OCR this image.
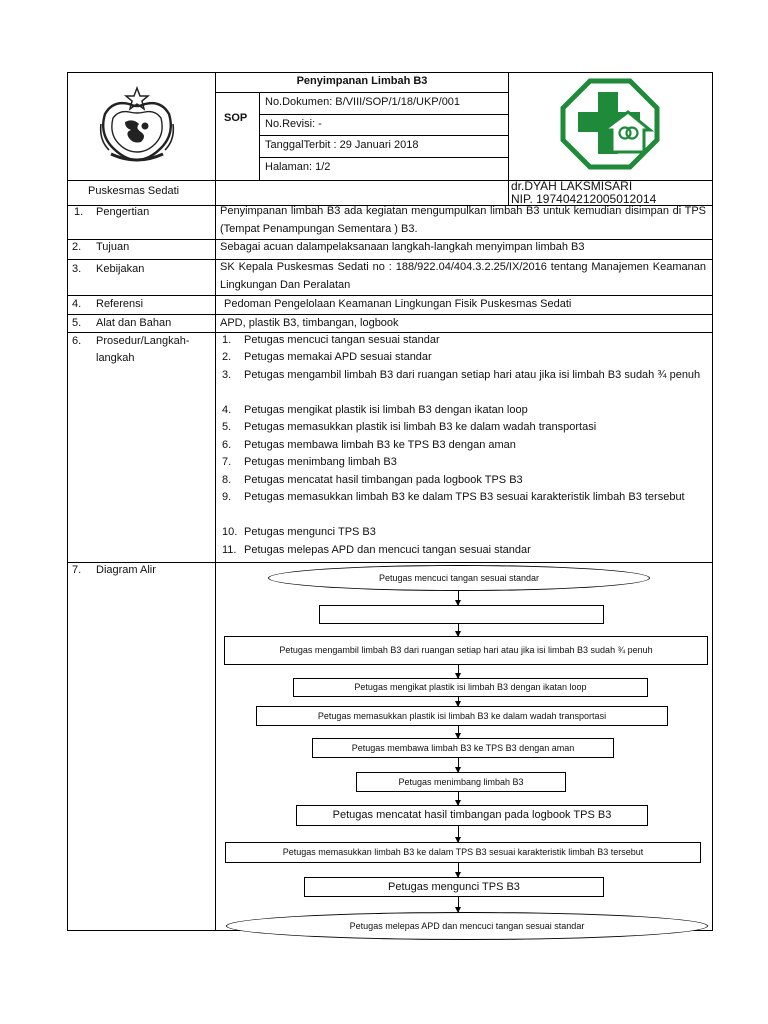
Penyimpanan Limbah B3
SOP
No.Dokumen: B/VIII/SOP/1/18/UKP/001
No.Revisi: -
TanggalTerbit : 29 Januari 2018
Halaman: 1/2
Puskesmas Sedati	dr.DYAH LAKSMISARI
NIP. 197404212005012014
1. Pengertian
2. Tujuan
3. Kebijakan
4. Referensi
5. Alat dan Bahan
6. Prosedur/Langkah-
langkah
7. Diagram Alir
Penyimpanan limbah B3 ada kegiatan mengumpulkan limbah B3 untuk kemudian disimpan di TPS (Tempat Penampungan Sementara ) B3.
Sebagai acuan dalampelaksanaan langkah-langkah menyimpan limbah B3
SK Kepala Puskesmas Sedati no : 188/922.04/404.3.2.25/IX/2016 tentang Manajemen Keamanan Lingkungan Dan Peralatan
Pedoman Pengelolaan Keamanan Lingkungan Fisik Puskesmas Sedati
APD, plastik B3, timbangan, logbook
1. Petugas mencuci tangan sesuai standar
2. Petugas memakai APD sesuai standar
3. Petugas mengambil limbah B3 dari ruangan setiap hari atau jika isi limbah B3 sudah ¾ penuh
4. Petugas mengikat plastik isi limbah B3 dengan ikatan loop
5. Petugas memasukkan plastik isi limbah B3 ke dalam wadah transportasi
6. Petugas membawa limbah B3 ke TPS B3 dengan aman
7. Petugas menimbang limbah B3
8. Petugas mencatat hasil timbangan pada logbook TPS B3
9. Petugas memasukkan limbah B3 ke dalam TPS B3 sesuai karakteristik limbah B3 tersebut
10. Petugas mengunci TPS B3
11. Petugas melepas APD dan mencuci tangan sesuai standar
Petugas mencuci tangan sesuai standar
Petugas mengambil limbah B3 dari ruangan setiap hari atau jika isi limbah B3 sudah ¾ penuh
Petugas mengikat plastik isi limbah B3 dengan ikatan loop
Petugas memasukkan plastik isi limbah B3 ke dalam wadah transportasi
Petugas membawa limbah B3 ke TPS B3 dengan aman
Petugas menimbang limbah B3
Petugas mencatat hasil timbangan pada logbook TPS B3
Petugas memasukkan limbah B3 ke dalam TPS B3 sesuai karakteristik limbah B3 tersebut
Petugas mengunci TPS B3
Petugas melepas APD dan mencuci tangan sesuai standar
